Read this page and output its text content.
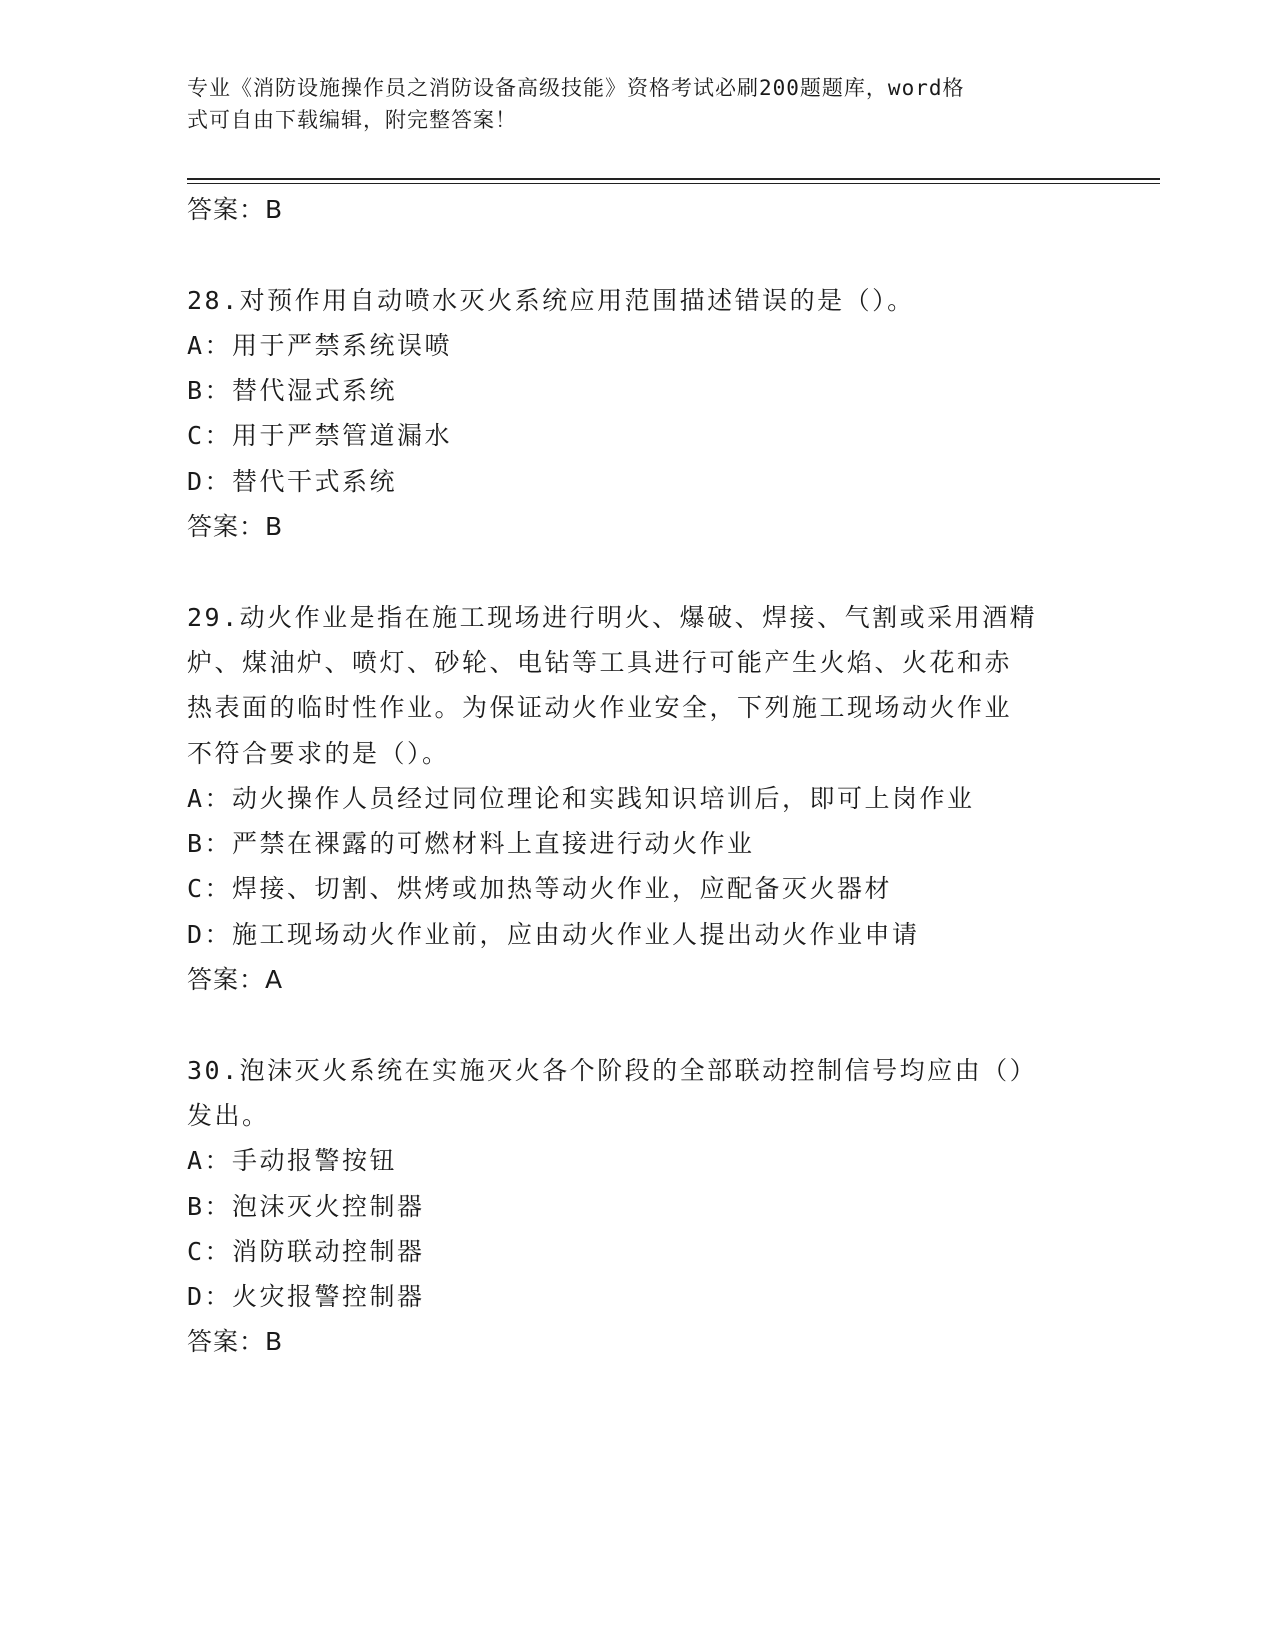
专业《消防设施操作员之消防设备高级技能》资格考试必刷200题题库，word格
式可自由下载编辑，附完整答案！
答案：B
28.对预作用自动喷水灭火系统应用范围描述错误的是（）。
A：用于严禁系统误喷
B：替代湿式系统
C：用于严禁管道漏水
D：替代干式系统
答案：B
29.动火作业是指在施工现场进行明火、爆破、焊接、气割或采用酒精
炉、煤油炉、喷灯、砂轮、电钻等工具进行可能产生火焰、火花和赤
热表面的临时性作业。为保证动火作业安全，下列施工现场动火作业
不符合要求的是（）。
A：动火操作人员经过同位理论和实践知识培训后，即可上岗作业
B：严禁在裸露的可燃材料上直接进行动火作业
C：焊接、切割、烘烤或加热等动火作业，应配备灭火器材
D：施工现场动火作业前，应由动火作业人提出动火作业申请
答案：A
30.泡沫灭火系统在实施灭火各个阶段的全部联动控制信号均应由（）
发出。
A：手动报警按钮
B：泡沫灭火控制器
C：消防联动控制器
D：火灾报警控制器
答案：B
